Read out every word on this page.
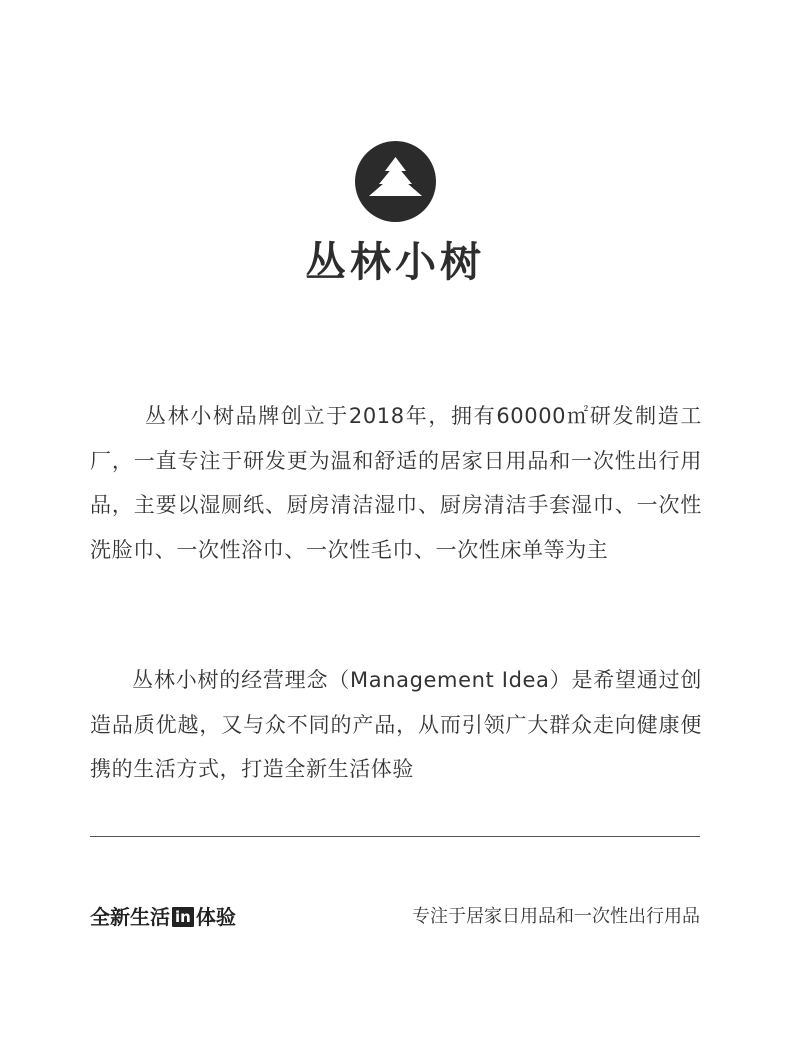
丛林小树
丛林小树品牌创立于2018年，拥有60000㎡研发制造工厂，一直专注于研发更为温和舒适的居家日用品和一次性出行用品，主要以湿厕纸、厨房清洁湿巾、厨房清洁手套湿巾、一次性洗脸巾、一次性浴巾、一次性毛巾、一次性床单等为主
丛林小树的经营理念（Management Idea）是希望通过创造品质优越，又与众不同的产品，从而引领广大群众走向健康便携的生活方式，打造全新生活体验
全新生活 in 体验	专注于居家日用品和一次性出行用品
